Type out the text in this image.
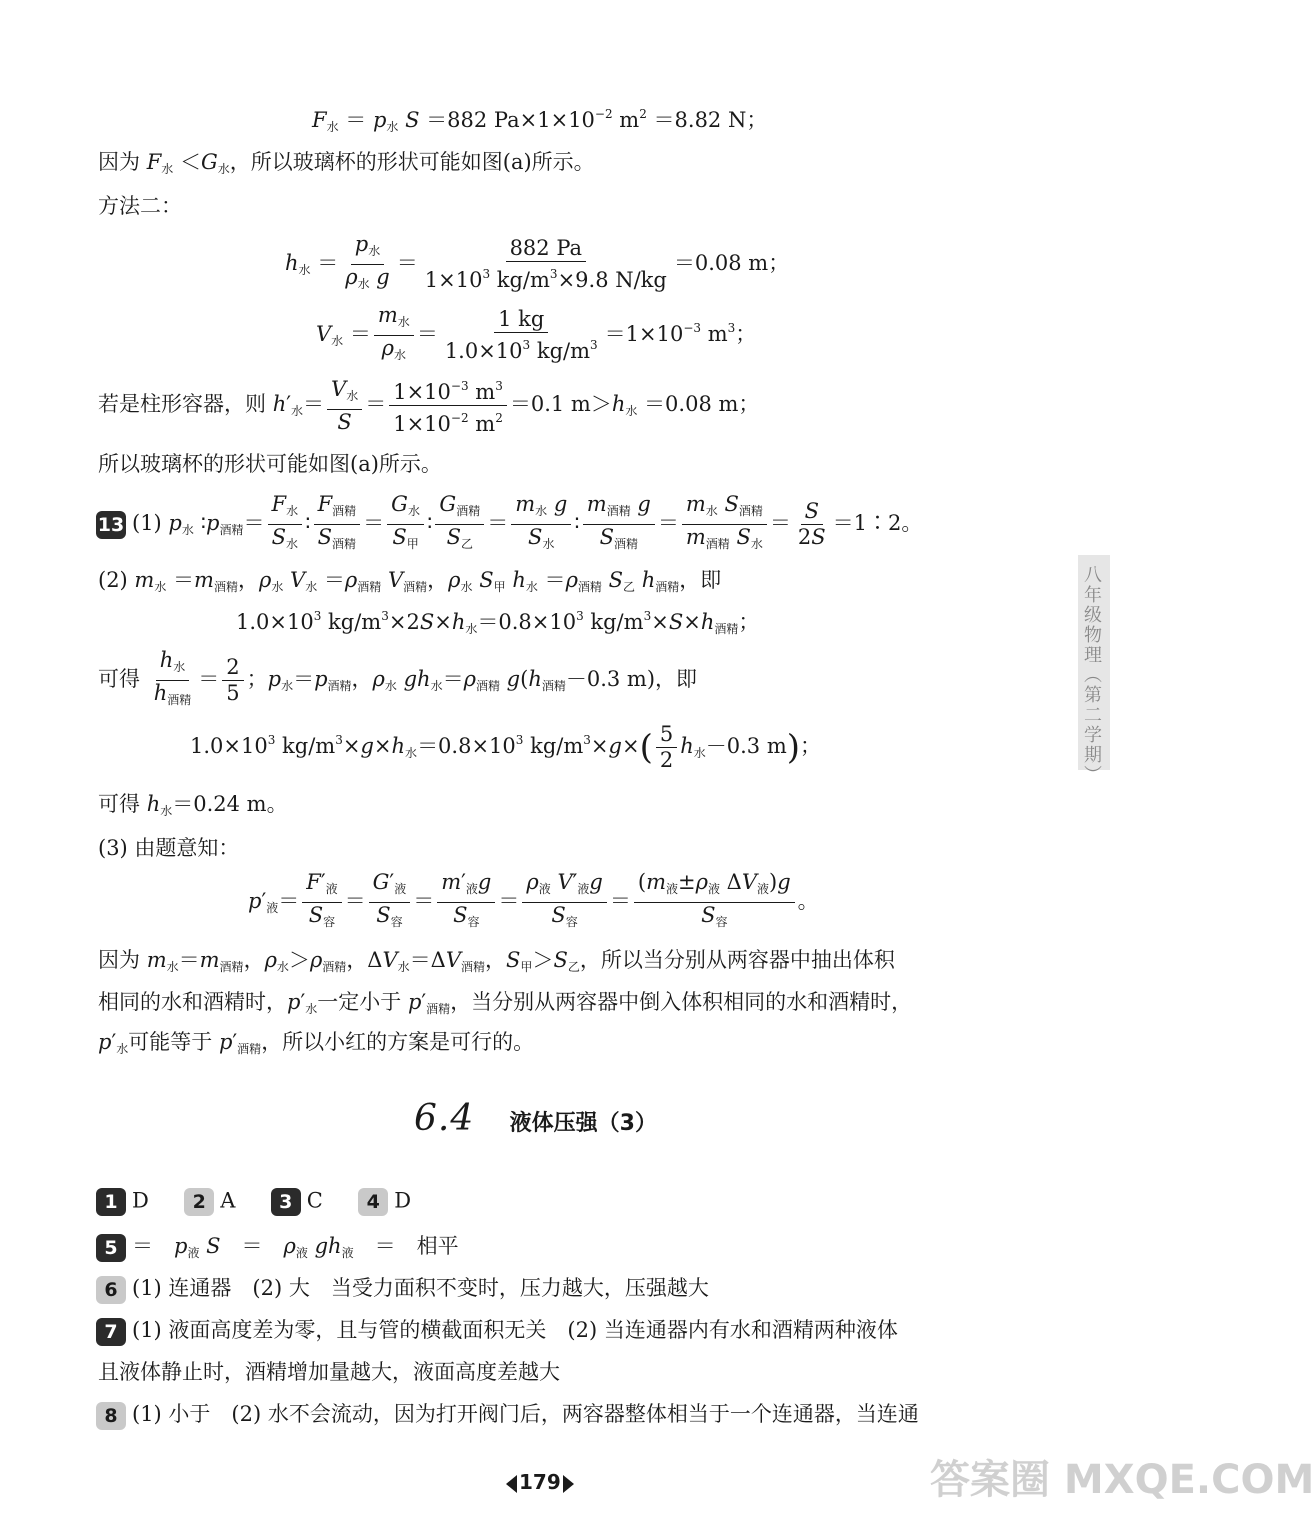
$F_水 = p_水$ S ＝882 $Pa\times 1\times 10^{-2}$ $m^2 =8.82$ N；
因为 $F_水 <G_水$，所以玻璃杯的形状可能如图(a)所示。
方法二：
$h_水 = \frac{p_水}{\rho_水 g} = \frac{882 Pa}{1\times 10^3 kg/m^3\times 9.8 N/kg} =0.08$ m；
$V_水 = \frac{m_水}{\rho_水} = \frac{1 kg}{1.0\times 10^3 kg/m^3} =1\times 10^{-3}$ $m^3$；
若是柱形容器，则 $h'_水= \frac{V_水}{S} = \frac{1\times 10^{-3} m^3}{1\times 10^{-2} m^2} =0.1$ $m>h_水 =0.08$ m；
所以玻璃杯的形状可能如图(a)所示。
13 (1) $p_水$ $∶p_{酒精}= \frac{F_水}{S_水}$ ∶ $\frac{F_{酒精}}{S_{酒精}} = \frac{G_水}{S_甲}$ ∶ $\frac{G_{酒精}}{S_乙} = \frac{m_水 g}{S_水}$ ∶ $\frac{m_{酒精} g}{S_{酒精}} = \frac{m_水 S_{酒精}}{m_{酒精} S_水} = \frac{S}{2S}$ ＝1∶2。
(2) $m_水 =m_{酒精}$，$\rho_水$ $V_水 =\rho_{酒精}$ $V_{酒精}$，$\rho_水$ $S_甲$ $h_水 =\rho_{酒精}$ $S_乙$ $h_{酒精}$，即
$1.0\times 10^3$ $kg/m^3\times 2S\times h_水=0.8\times 10^3$ $kg/m^3\times S\times h_{酒精}$；
可得 $\frac{h_水}{h_{酒精}} = \frac{2}{5}$ ；$p_水=p_{酒精}$，$\rho_水$ $gh_水=\rho_{酒精}$ $g(h_{酒精}-0.3$ m)，即
$1.0\times 10^3$ $kg/m^3\times g\times h_水=0.8\times 10^3$ $kg/m^3\times g\times( \frac{5}{2} h_水-0.3$ m)；
可得 $h_水=0.24$ m。
(3) 由题意知：
$p'_液= \frac{F'_液}{S_容} = \frac{G'_液}{S_容} = \frac{m'_液g}{S_容} = \frac{\rho_液 V'_液g}{S_容} = \frac{(m_液\pm\rho_液 \Delta V_液)g}{S_容}$ 。
因为 $m_水=m_{酒精}$，$\rho_水>\rho_{酒精}$，$\Delta V_水=\Delta V_{酒精}$，$S_甲>S_乙$，所以当分别从两容器中抽出体积
相同的水和酒精时，$p'_水$一定小于 $p'_{酒精}$，当分别从两容器中倒入体积相同的水和酒精时，
$p'_水$可能等于 $p'_{酒精}$，所以小红的方案是可行的。
6.4 液体压强（3）
1 D 2 A 3 C 4 D
5 ＝　$p_液$ S　＝　$\rho_液$ $gh_液$　＝　相平
6 (1) 连通器　(2) 大　当受力面积不变时，压力越大，压强越大
7 (1) 液面高度差为零，且与管的横截面积无关　(2) 当连通器内有水和酒精两种液体
且液体静止时，酒精增加量越大，液面高度差越大
8 (1) 小于　(2) 水不会流动，因为打开阀门后，两容器整体相当于一个连通器，当连通
八年级物理（第二学期）
179	答案圈 MXQE.COM
